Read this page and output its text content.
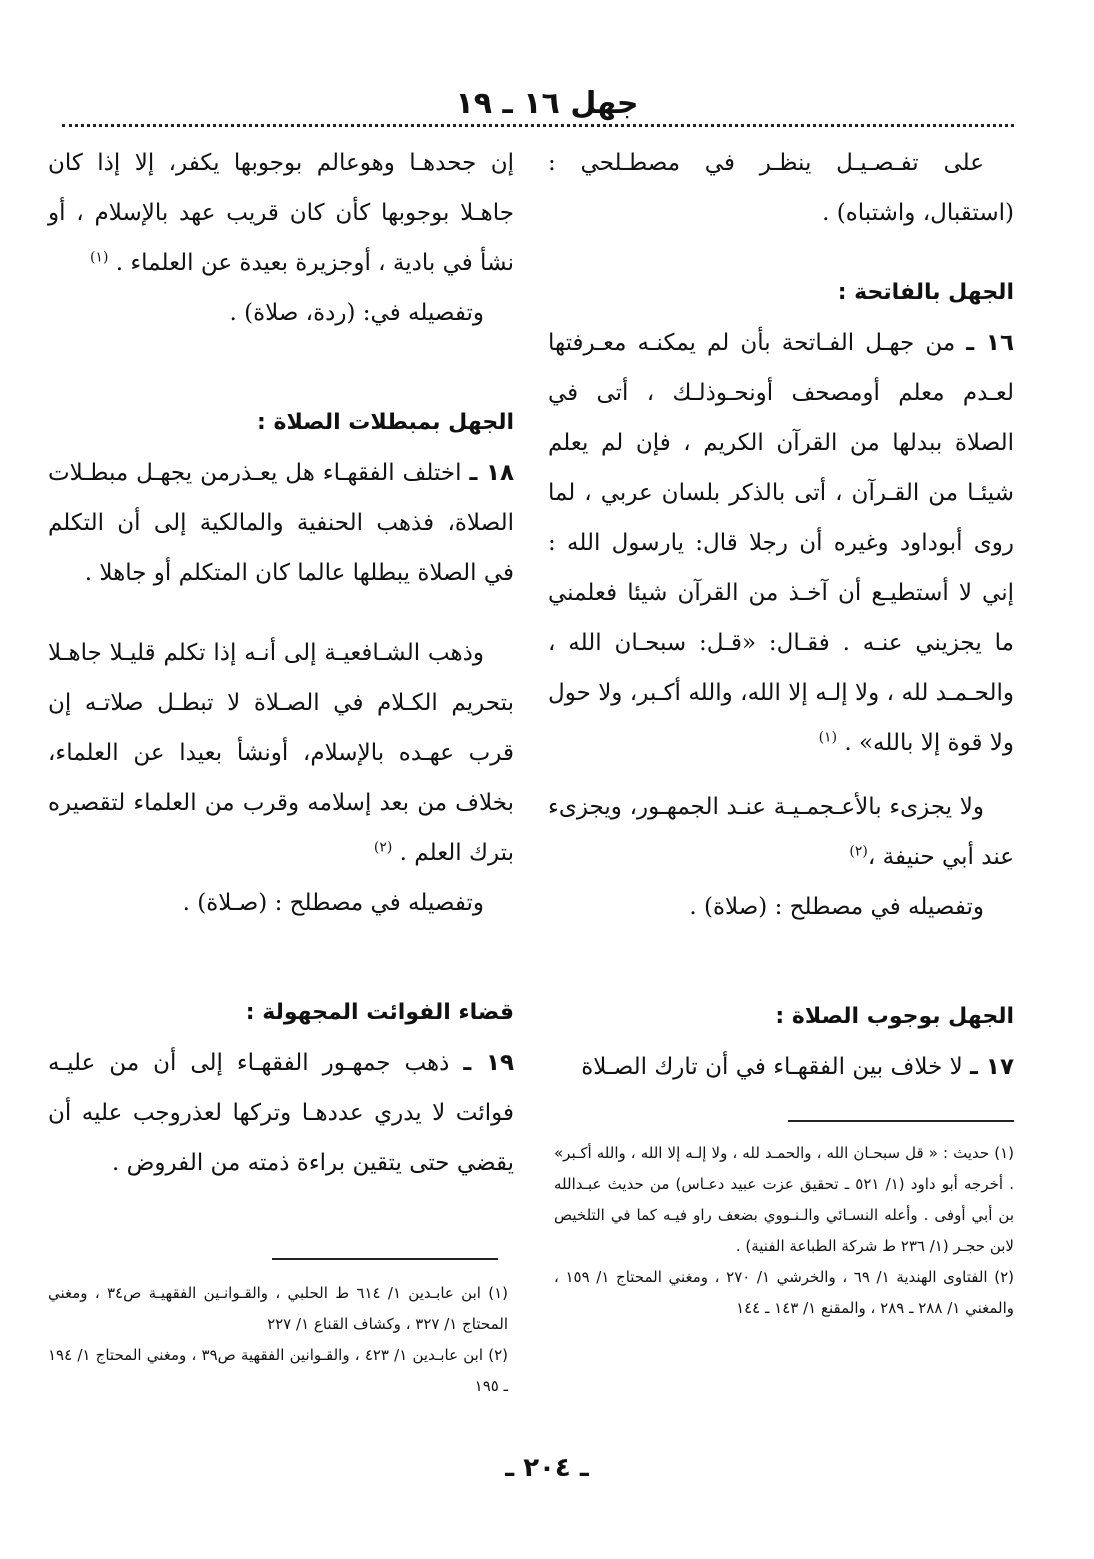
جهل ١٦ ـ ١٩

على تفـصـيـل ينظـر في مصطـلحي : (استقبال، واشتباه) .

الجهل بالفاتحة :

١٦ ـ من جهـل الفـاتحة بأن لم يمكنـه معـرفتها لعـدم معلم أومصحف أونحـوذلـك ، أتى في الصلاة ببدلها من القرآن الكريم ، فإن لم يعلم شيئـا من القـرآن ، أتى بالذكر بلسان عربي ، لما روى أبوداود وغيره أن رجلا قال: يارسول الله : إني لا أستطيـع أن آخـذ من القرآن شيئا فعلمني ما يجزيني عنـه . فقـال: «قـل: سبحـان الله ، والحـمـد لله ، ولا إلـه إلا الله، والله أكـبر، ولا حول ولا قوة إلا بالله» . $^{(١)}$

ولا يجزىء بالأعـجمـيـة عنـد الجمهـور، ويجزىء عند أبي حنيفة ،$^{(٢)}$

وتفصيله في مصطلح : (صلاة) .

الجهل بوجوب الصلاة :

١٧ ـ لا خلاف بين الفقهـاء في أن تارك الصـلاة

إن جحدهـا وهوعالم بوجوبها يكفر، إلا إذا كان جاهـلا بوجوبها كأن كان قريب عهد بالإسلام ، أو نشأ في بادية ، أوجزيرة بعيدة عن العلماء . $^{(١)}$

وتفصيله في: (ردة، صلاة) .

الجهل بمبطلات الصلاة :

١٨ ـ اختلف الفقهـاء هل يعـذرمن يجهـل مبطـلات الصلاة، فذهب الحنفية والمالكية إلى أن التكلم في الصلاة يبطلها عالما كان المتكلم أو جاهلا .

وذهب الشـافعيـة إلى أنـه إذا تكلم قليـلا جاهـلا بتحريم الكـلام في الصـلاة لا تبطـل صلاتـه إن قرب عهـده بالإسلام، أونشأ بعيدا عن العلماء، بخلاف من بعد إسلامه وقرب من العلماء لتقصيره بترك العلم . $^{(٢)}$

وتفصيله في مصطلح : (صـلاة) .

قضاء الفوائت المجهولة :

١٩ ـ ذهب جمهـور الفقهـاء إلى أن من عليـه فوائت لا يدري عددهـا وتركها لعذروجب عليه أن يقضي حتى يتقين براءة ذمته من الفروض .	(١) حديث : « قل سبحـان الله ، والحمـد لله ، ولا إلـه إلا الله ، والله أكـبر» . أخرجه أبو داود (١/ ٥٢١ ـ تحقيق عزت عبيد دعـاس) من حديث عبـدالله بن أبي أوفى . وأعله النسـائي والـنـووي بضعف راو فيـه كما في التلخيص لابن حجـر (١/ ٢٣٦ ط شركة الطباعة الفنية) .

(٢) الفتاوى الهندية ١/ ٦٩ ، والخرشي ١/ ٢٧٠ ، ومغني المحتاج ١/ ١٥٩ ، والمغني ١/ ٢٨٨ ـ ٢٨٩ ، والمقنع ١/ ١٤٣ ـ ١٤٤

(١) ابن عابـدين ١/ ٦١٤ ط الحلبي ، والقـوانـين الفقهيـة ص٣٤ ، ومغني المحتاج ١/ ٣٢٧ ، وكشاف القناع ١/ ٢٢٧

(٢) ابن عابـدين ١/ ٤٢٣ ، والقـوانين الفقهية ص٣٩ ، ومغني المحتاج ١/ ١٩٤ ـ ١٩٥

ـ ٢٠٤ ـ
